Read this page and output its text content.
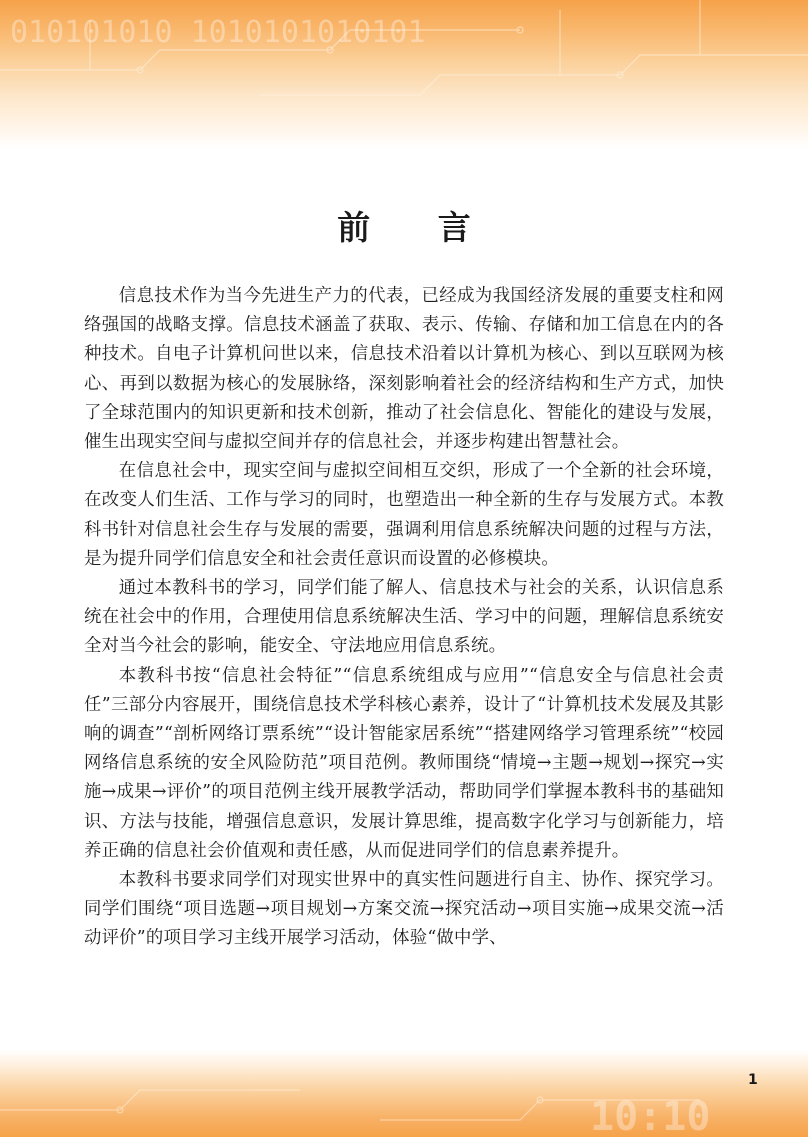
010101010 1010101010101
前 言

信息技术作为当今先进生产力的代表，已经成为我国经济发展的重要支柱和网络强国的战略支撑。信息技术涵盖了获取、表示、传输、存储和加工信息在内的各种技术。自电子计算机问世以来，信息技术沿着以计算机为核心、到以互联网为核心、再到以数据为核心的发展脉络，深刻影响着社会的经济结构和生产方式，加快了全球范围内的知识更新和技术创新，推动了社会信息化、智能化的建设与发展，催生出现实空间与虚拟空间并存的信息社会，并逐步构建出智慧社会。

在信息社会中，现实空间与虚拟空间相互交织，形成了一个全新的社会环境，在改变人们生活、工作与学习的同时，也塑造出一种全新的生存与发展方式。本教科书针对信息社会生存与发展的需要，强调利用信息系统解决问题的过程与方法，是为提升同学们信息安全和社会责任意识而设置的必修模块。

通过本教科书的学习，同学们能了解人、信息技术与社会的关系，认识信息系统在社会中的作用，合理使用信息系统解决生活、学习中的问题，理解信息系统安全对当今社会的影响，能安全、守法地应用信息系统。

本教科书按“信息社会特征”“信息系统组成与应用”“信息安全与信息社会责任”三部分内容展开，围绕信息技术学科核心素养，设计了“计算机技术发展及其影响的调查”“剖析网络订票系统”“设计智能家居系统”“搭建网络学习管理系统”“校园网络信息系统的安全风险防范”项目范例。教师围绕“情境→主题→规划→探究→实施→成果→评价”的项目范例主线开展教学活动，帮助同学们掌握本教科书的基础知识、方法与技能，增强信息意识，发展计算思维，提高数字化学习与创新能力，培养正确的信息社会价值观和责任感，从而促进同学们的信息素养提升。

本教科书要求同学们对现实世界中的真实性问题进行自主、协作、探究学习。同学们围绕“项目选题→项目规划→方案交流→探究活动→项目实施→成果交流→活动评价”的项目学习主线开展学习活动，体验“做中学、

10:10
1
